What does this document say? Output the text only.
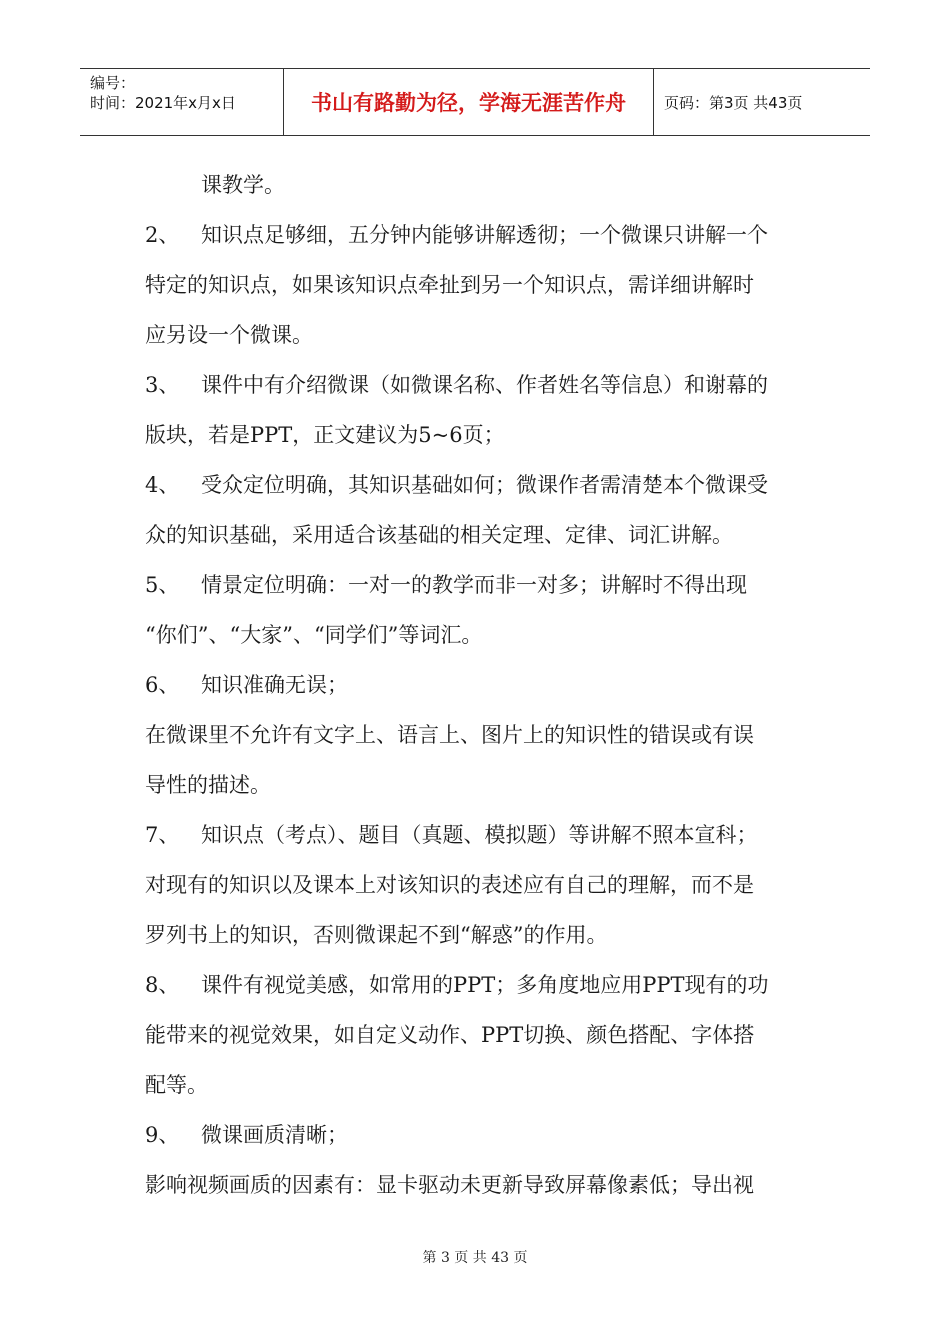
编号：
时间：2021年x月x日	书山有路勤为径，学海无涯苦作舟	页码：第3页 共43页

课教学。

2、 知识点足够细，五分钟内能够讲解透彻；一个微课只讲解一个

特定的知识点，如果该知识点牵扯到另一个知识点，需详细讲解时

应另设一个微课。

3、 课件中有介绍微课（如微课名称、作者姓名等信息）和谢幕的

版块，若是PPT，正文建议为5~6页；

4、 受众定位明确，其知识基础如何；微课作者需清楚本个微课受

众的知识基础，采用适合该基础的相关定理、定律、词汇讲解。

5、 情景定位明确：一对一的教学而非一对多；讲解时不得出现

“你们”、“大家”、“同学们”等词汇。

6、 知识准确无误；

在微课里不允许有文字上、语言上、图片上的知识性的错误或有误

导性的描述。

7、 知识点（考点）、题目（真题、模拟题）等讲解不照本宣科；

对现有的知识以及课本上对该知识的表述应有自己的理解，而不是

罗列书上的知识，否则微课起不到“解惑”的作用。

8、 课件有视觉美感，如常用的PPT；多角度地应用PPT现有的功

能带来的视觉效果，如自定义动作、PPT切换、颜色搭配、字体搭

配等。

9、 微课画质清晰；

影响视频画质的因素有：显卡驱动未更新导致屏幕像素低；导出视

第 3 页 共 43 页
